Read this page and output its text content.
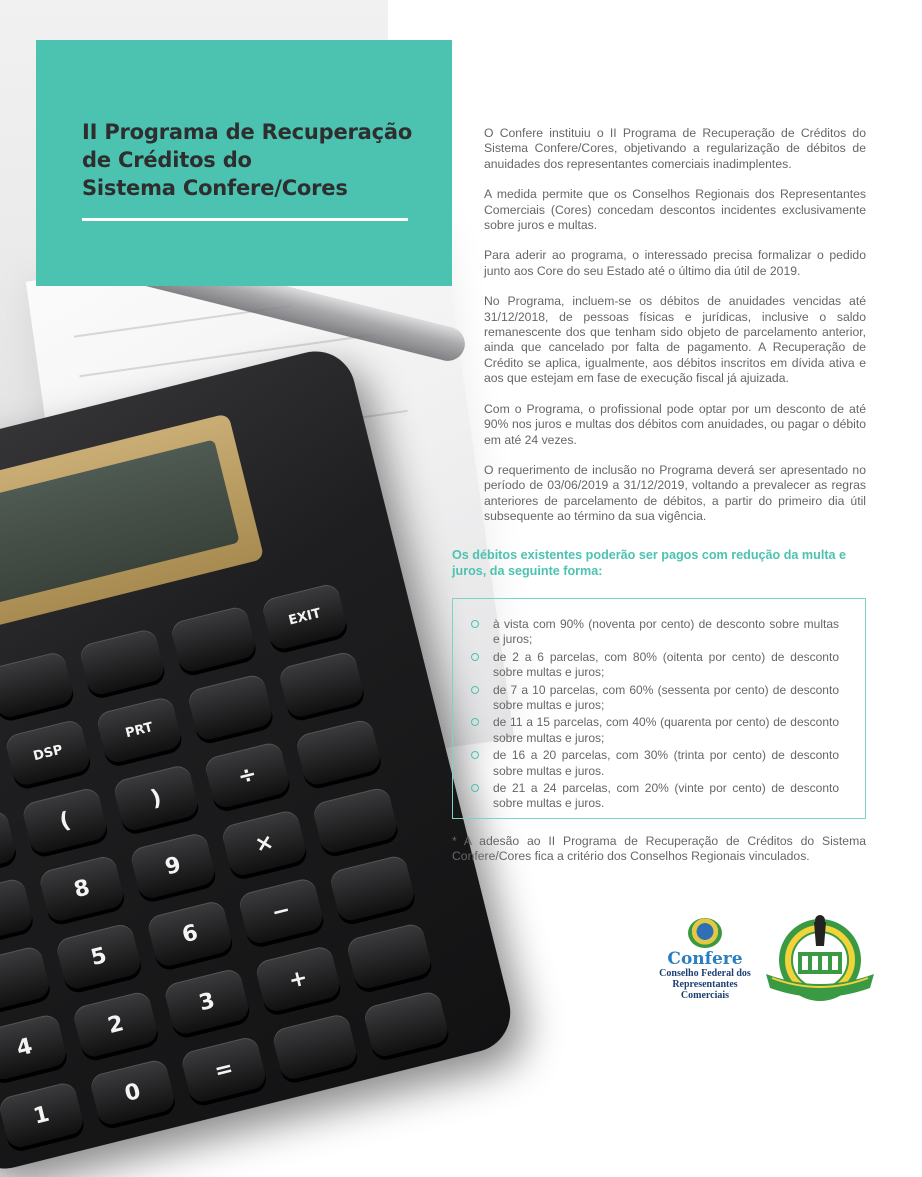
EXIT
DSP
PRT
(
)
÷
8
9
×
5
6
−
4
2
3
+
1
0
=
II Programa de Recuperação
de Créditos do
Sistema Confere/Cores

O Confere instituiu o II Programa de Recuperação de Créditos do Sistema Confere/Cores, objetivando a regularização de débitos de anuidades dos representantes comerciais inadimplentes.

A medida permite que os Conselhos Regionais dos Representantes Comerciais (Cores) concedam descontos incidentes exclusivamente sobre juros e multas.

Para aderir ao programa, o interessado precisa formalizar o pedido junto aos Core do seu Estado até o último dia útil de 2019.

No Programa, incluem-se os débitos de anuidades vencidas até 31/12/2018, de pessoas físicas e jurídicas, inclusive o saldo remanescente dos que tenham sido objeto de parcelamento anterior, ainda que cancelado por falta de pagamento. A Recuperação de Crédito se aplica, igualmente, aos débitos inscritos em dívida ativa e aos que estejam em fase de execução fiscal já ajuizada.

Com o Programa, o profissional pode optar por um desconto de até 90% nos juros e multas dos débitos com anuidades, ou pagar o débito em até 24 vezes.

O requerimento de inclusão no Programa deverá ser apresentado no período de 03/06/2019 a 31/12/2019, voltando a prevalecer as regras anteriores de parcelamento de débitos, a partir do primeiro dia útil subsequente ao término da sua vigência.

Os débitos existentes poderão ser pagos com redução da multa e juros, da seguinte forma:
à vista com 90% (noventa por cento) de desconto sobre multas e juros;
de 2 a 6 parcelas, com 80% (oitenta por cento) de desconto sobre multas e juros;
de 7 a 10 parcelas, com 60% (sessenta por cento) de desconto sobre multas e juros;
de 11 a 15 parcelas, com 40% (quarenta por cento) de desconto sobre multas e juros;
de 16 a 20 parcelas, com 30% (trinta por cento) de desconto sobre multas e juros.
de 21 a 24 parcelas, com 20% (vinte por cento) de desconto sobre multas e juros.
* A adesão ao II Programa de Recuperação de Créditos do Sistema Confere/Cores fica a critério dos Conselhos Regionais vinculados.
Confere
Conselho Federal dos
Representantes Comerciais
